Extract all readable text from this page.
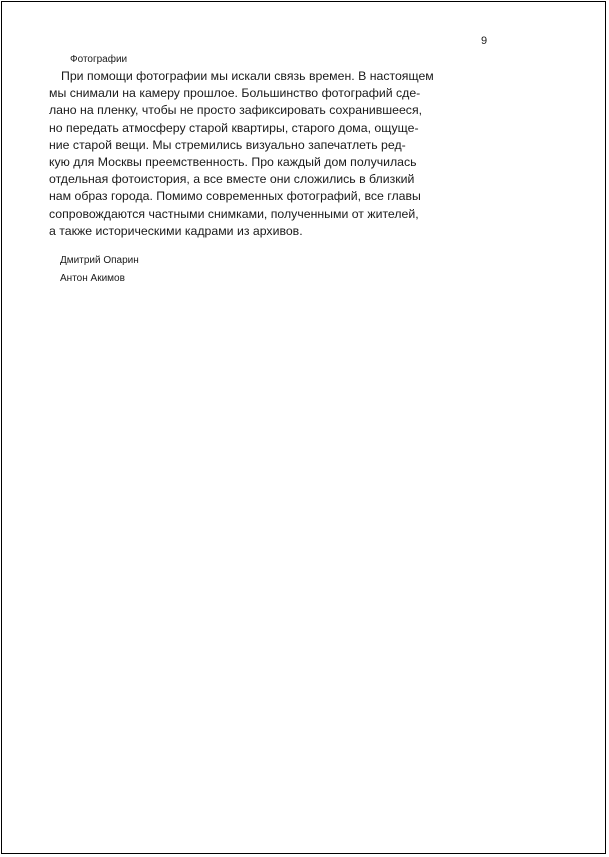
9
Фотографии
При помощи фотографии мы искали связь времен. В настоящем
мы снимали на камеру прошлое. Большинство фотографий сде-
лано на пленку, чтобы не просто зафиксировать сохранившееся,
но передать атмосферу старой квартиры, старого дома, ощуще-
ние старой вещи. Мы стремились визуально запечатлеть ред-
кую для Москвы преемственность. Про каждый дом получилась
отдельная фотоистория, а все вместе они сложились в близкий
нам образ города. Помимо современных фотографий, все главы
сопровождаются частными снимками, полученными от жителей,
а также историческими кадрами из архивов.
Дмитрий Опарин
Антон Акимов
